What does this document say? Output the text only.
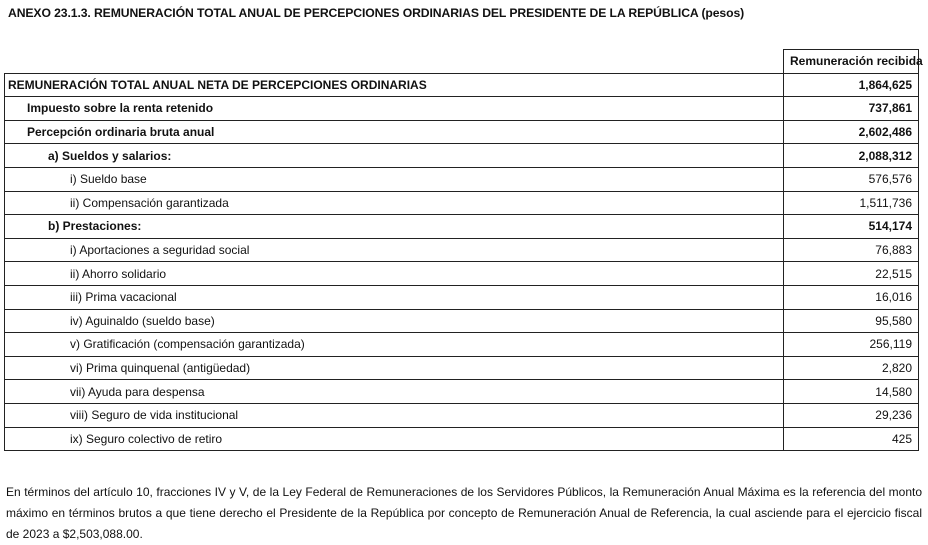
ANEXO 23.1.3. REMUNERACIÓN TOTAL ANUAL DE PERCEPCIONES ORDINARIAS DEL PRESIDENTE DE LA REPÚBLICA (pesos)
	Remuneración recibida
REMUNERACIÓN TOTAL ANUAL NETA DE PERCEPCIONES ORDINARIAS	1,864,625
Impuesto sobre la renta retenido	737,861
Percepción ordinaria bruta anual	2,602,486
a) Sueldos y salarios:	2,088,312
i) Sueldo base	576,576
ii) Compensación garantizada	1,511,736
b) Prestaciones:	514,174
i) Aportaciones a seguridad social	76,883
ii) Ahorro solidario	22,515
iii) Prima vacacional	16,016
iv) Aguinaldo (sueldo base)	95,580
v) Gratificación (compensación garantizada)	256,119
vi) Prima quinquenal (antigüedad)	2,820
vii) Ayuda para despensa	14,580
viii) Seguro de vida institucional	29,236
ix) Seguro colectivo de retiro	425

En términos del artículo 10, fracciones IV y V, de la Ley Federal de Remuneraciones de los Servidores Públicos, la Remuneración Anual Máxima es la referencia del monto máximo en términos brutos a que tiene derecho el Presidente de la República por concepto de Remuneración Anual de Referencia, la cual asciende para el ejercicio fiscal de 2023 a $2,503,088.00.
